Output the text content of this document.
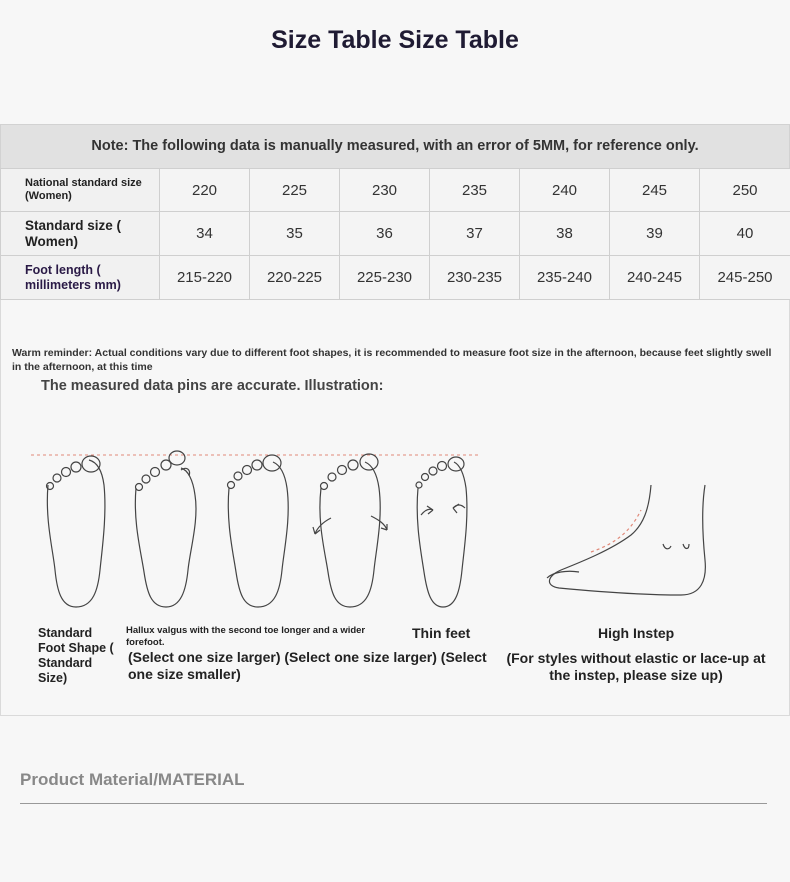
Size Table Size Table
Note: The following data is manually measured, with an error of 5MM, for reference only.
National standard size (Women)	220	225	230	235	240	245	250
Standard size ( Women)	34	35	36	37	38	39	40
Foot length ( millimeters mm)	215-220	220-225	225-230	230-235	235-240	240-245	245-250
Warm reminder: Actual conditions vary due to different foot shapes, it is recommended to measure foot size in the afternoon, because feet slightly swell in the afternoon, at this time
The measured data pins are accurate. Illustration:
Standard Foot Shape ( Standard Size)
Hallux valgus with the second toe longer and a wider forefoot.
(Select one size larger) (Select one size larger) (Select one size smaller)
Thin feet	High Instep
(For styles without elastic or lace-up at the instep, please size up)
Product Material/MATERIAL
